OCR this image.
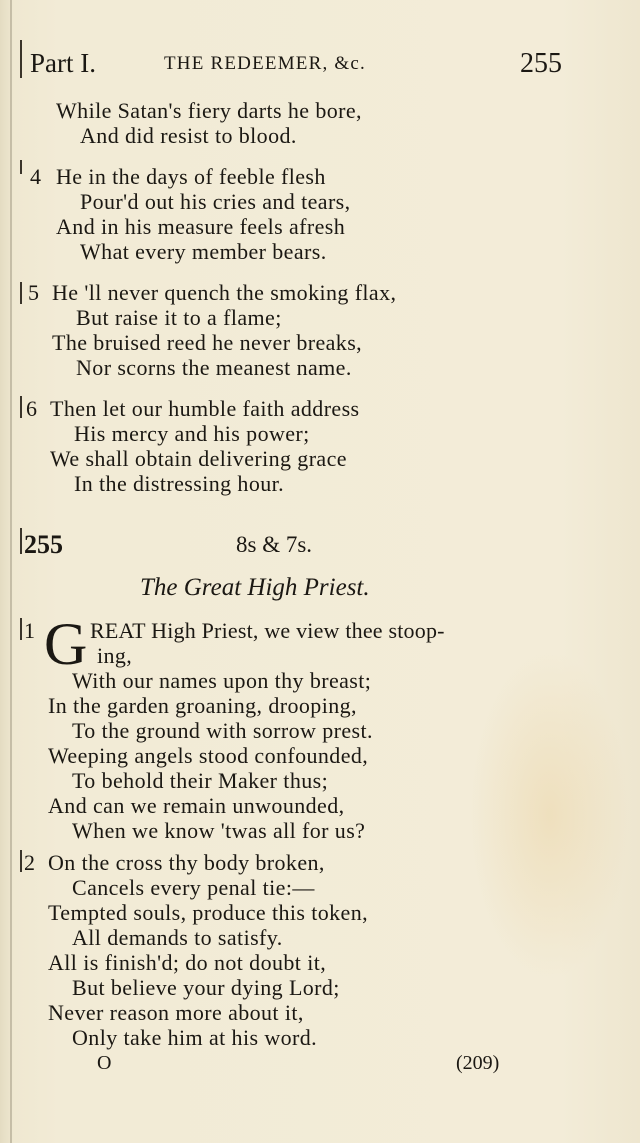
Part I.	THE REDEEMER, &c.	255
While Satan's fiery darts he bore,
And did resist to blood.
4 He in the days of feeble flesh
Pour'd out his cries and tears,
And in his measure feels afresh
What every member bears.
5 He 'll never quench the smoking flax,
But raise it to a flame;
The bruised reed he never breaks,
Nor scorns the meanest name.
6 Then let our humble faith address
His mercy and his power;
We shall obtain delivering grace
In the distressing hour.
255	8s & 7s.
The Great High Priest.
1 G REAT High Priest, we view thee stoop-
ing,
With our names upon thy breast;
In the garden groaning, drooping,
To the ground with sorrow prest.
Weeping angels stood confounded,
To behold their Maker thus;
And can we remain unwounded,
When we know 'twas all for us?
2 On the cross thy body broken,
Cancels every penal tie:—
Tempted souls, produce this token,
All demands to satisfy.
All is finish'd; do not doubt it,
But believe your dying Lord;
Never reason more about it,
Only take him at his word.
O	(209)
